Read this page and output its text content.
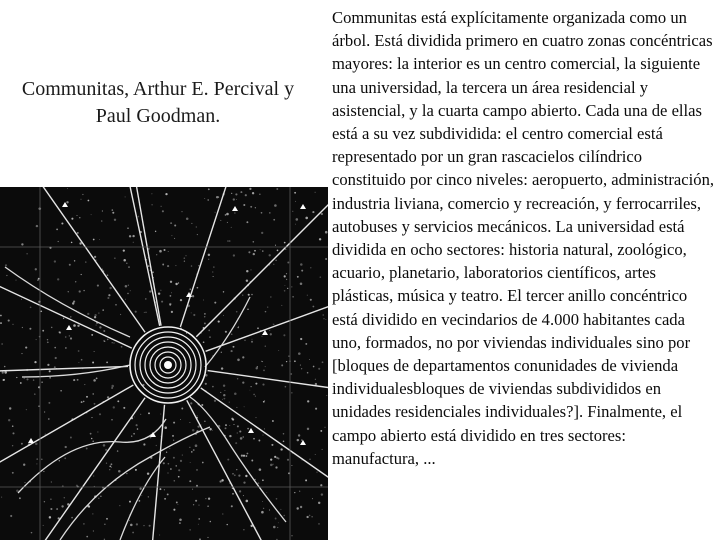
Communitas, Arthur E. Percival y Paul Goodman.
Communitas está explícitamente organizada como un árbol. Está dividida primero en cuatro zonas concéntricas mayores: la interior es un centro comercial, la siguiente una universidad, la tercera un área residencial y asistencial, y la cuarta campo abierto. Cada una de ellas está a su vez subdividida: el centro comercial está representado por un gran rascacielos cilíndrico constituido por cinco niveles: aeropuerto, administración, industria liviana, comercio y recreación, y ferrocarriles, autobuses y servicios mecánicos. La universidad está dividida en ocho sectores: historia natural, zoológico, acuario, planetario, laboratorios científicos, artes plásticas, música y teatro. El tercer anillo concéntrico está dividido en vecindarios de 4.000 habitantes cada uno, formados, no por viviendas individuales sino por [bloques de departamentos conunidades de vivienda individualesbloques de viviendas subdivididos en unidades residenciales individuales?]. Finalmente, el campo abierto está dividido en tres sectores: manufactura, ...
